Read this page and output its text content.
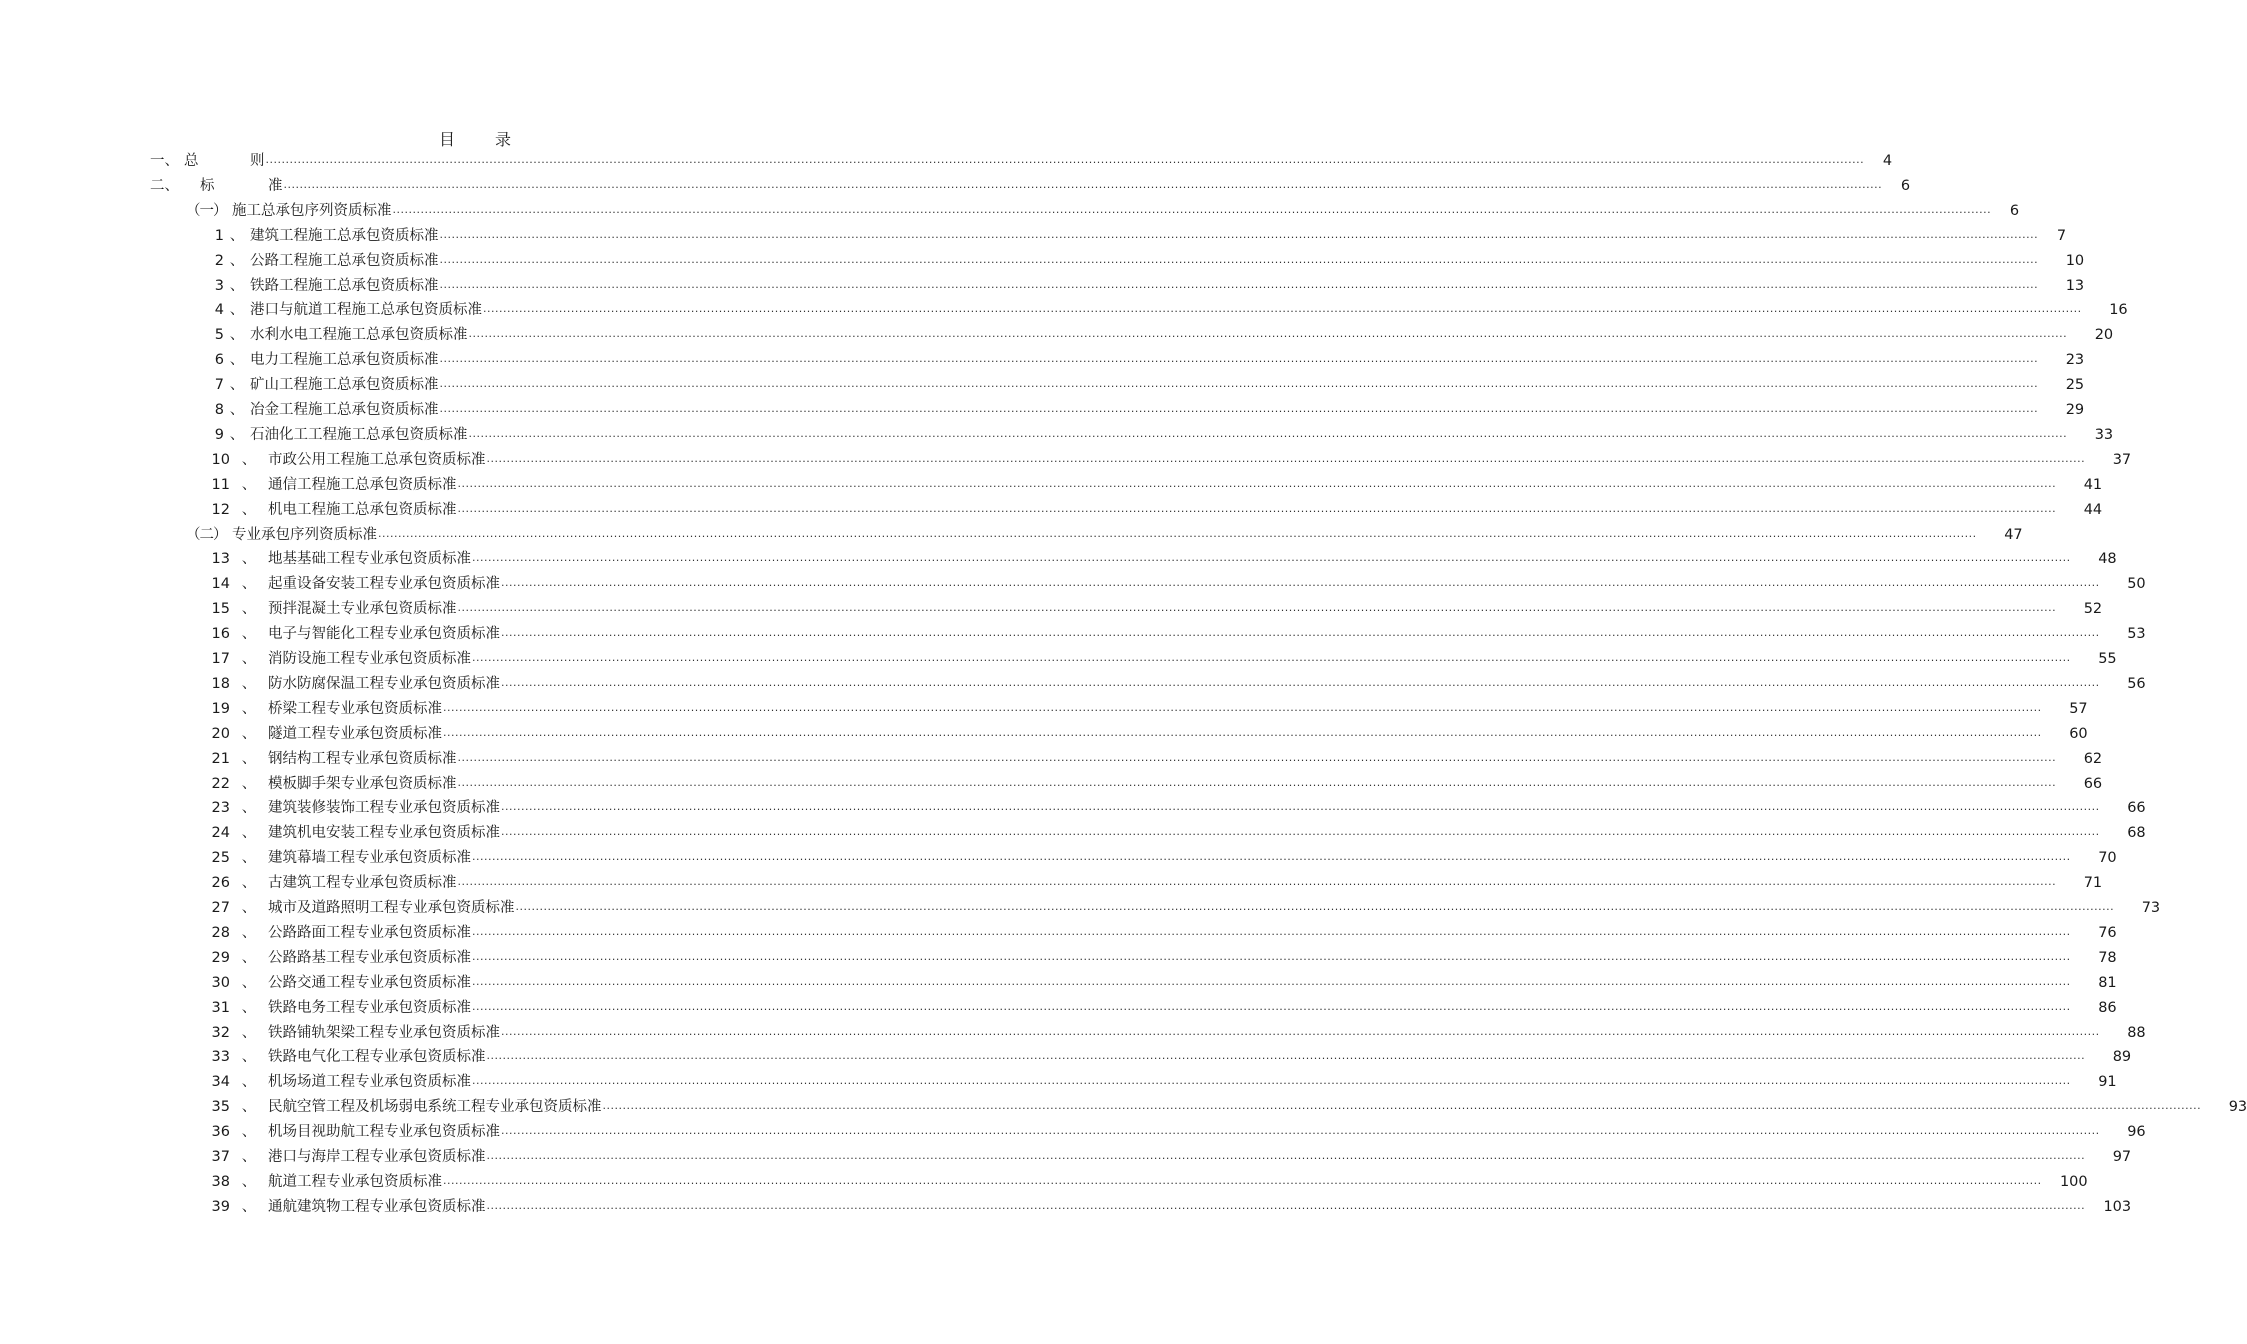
目	录
一、 总	则 ................................................................................................................................................................................................................................................................................................................................................................................................................	4
二、	标	准 ................................................................................................................................................................................................................................................................................................................................................................................................................	6
（一） 施工总承包序列资质标准 ................................................................................................................................................................................................................................................................................................................................................................................................................	6
1 、 建筑工程施工总承包资质标准 ................................................................................................................................................................................................................................................................................................................................................................................................................	7
2 、 公路工程施工总承包资质标准 ................................................................................................................................................................................................................................................................................................................................................................................................................	10
3 、 铁路工程施工总承包资质标准 ................................................................................................................................................................................................................................................................................................................................................................................................................	13
4 、 港口与航道工程施工总承包资质标准 ................................................................................................................................................................................................................................................................................................................................................................................................................	16
5 、 水利水电工程施工总承包资质标准 ................................................................................................................................................................................................................................................................................................................................................................................................................	20
6 、 电力工程施工总承包资质标准 ................................................................................................................................................................................................................................................................................................................................................................................................................	23
7 、 矿山工程施工总承包资质标准 ................................................................................................................................................................................................................................................................................................................................................................................................................	25
8 、 冶金工程施工总承包资质标准 ................................................................................................................................................................................................................................................................................................................................................................................................................	29
9 、 石油化工工程施工总承包资质标准 ................................................................................................................................................................................................................................................................................................................................................................................................................	33
10 、 市政公用工程施工总承包资质标准 ................................................................................................................................................................................................................................................................................................................................................................................................................	37
11 、 通信工程施工总承包资质标准 ................................................................................................................................................................................................................................................................................................................................................................................................................	41
12 、 机电工程施工总承包资质标准 ................................................................................................................................................................................................................................................................................................................................................................................................................	44
（二） 专业承包序列资质标准 ................................................................................................................................................................................................................................................................................................................................................................................................................	47
13 、 地基基础工程专业承包资质标准 ................................................................................................................................................................................................................................................................................................................................................................................................................	48
14 、 起重设备安装工程专业承包资质标准 ................................................................................................................................................................................................................................................................................................................................................................................................................	50
15 、 预拌混凝土专业承包资质标准 ................................................................................................................................................................................................................................................................................................................................................................................................................	52
16 、 电子与智能化工程专业承包资质标准 ................................................................................................................................................................................................................................................................................................................................................................................................................	53
17 、 消防设施工程专业承包资质标准 ................................................................................................................................................................................................................................................................................................................................................................................................................	55
18 、 防水防腐保温工程专业承包资质标准 ................................................................................................................................................................................................................................................................................................................................................................................................................	56
19 、 桥梁工程专业承包资质标准 ................................................................................................................................................................................................................................................................................................................................................................................................................	57
20 、 隧道工程专业承包资质标准 ................................................................................................................................................................................................................................................................................................................................................................................................................	60
21 、 钢结构工程专业承包资质标准 ................................................................................................................................................................................................................................................................................................................................................................................................................	62
22 、 模板脚手架专业承包资质标准 ................................................................................................................................................................................................................................................................................................................................................................................................................	66
23 、 建筑装修装饰工程专业承包资质标准 ................................................................................................................................................................................................................................................................................................................................................................................................................	66
24 、 建筑机电安装工程专业承包资质标准 ................................................................................................................................................................................................................................................................................................................................................................................................................	68
25 、 建筑幕墙工程专业承包资质标准 ................................................................................................................................................................................................................................................................................................................................................................................................................	70
26 、 古建筑工程专业承包资质标准 ................................................................................................................................................................................................................................................................................................................................................................................................................	71
27 、 城市及道路照明工程专业承包资质标准 ................................................................................................................................................................................................................................................................................................................................................................................................................	73
28 、 公路路面工程专业承包资质标准 ................................................................................................................................................................................................................................................................................................................................................................................................................	76
29 、 公路路基工程专业承包资质标准 ................................................................................................................................................................................................................................................................................................................................................................................................................	78
30 、 公路交通工程专业承包资质标准 ................................................................................................................................................................................................................................................................................................................................................................................................................	81
31 、 铁路电务工程专业承包资质标准 ................................................................................................................................................................................................................................................................................................................................................................................................................	86
32 、 铁路铺轨架梁工程专业承包资质标准 ................................................................................................................................................................................................................................................................................................................................................................................................................	88
33 、 铁路电气化工程专业承包资质标准 ................................................................................................................................................................................................................................................................................................................................................................................................................	89
34 、 机场场道工程专业承包资质标准 ................................................................................................................................................................................................................................................................................................................................................................................................................	91
35 、 民航空管工程及机场弱电系统工程专业承包资质标准 ................................................................................................................................................................................................................................................................................................................................................................................................................	93
36 、 机场目视助航工程专业承包资质标准 ................................................................................................................................................................................................................................................................................................................................................................................................................	96
37 、 港口与海岸工程专业承包资质标准 ................................................................................................................................................................................................................................................................................................................................................................................................................	97
38 、 航道工程专业承包资质标准 ................................................................................................................................................................................................................................................................................................................................................................................................................	100
39 、 通航建筑物工程专业承包资质标准 ................................................................................................................................................................................................................................................................................................................................................................................................................	103
